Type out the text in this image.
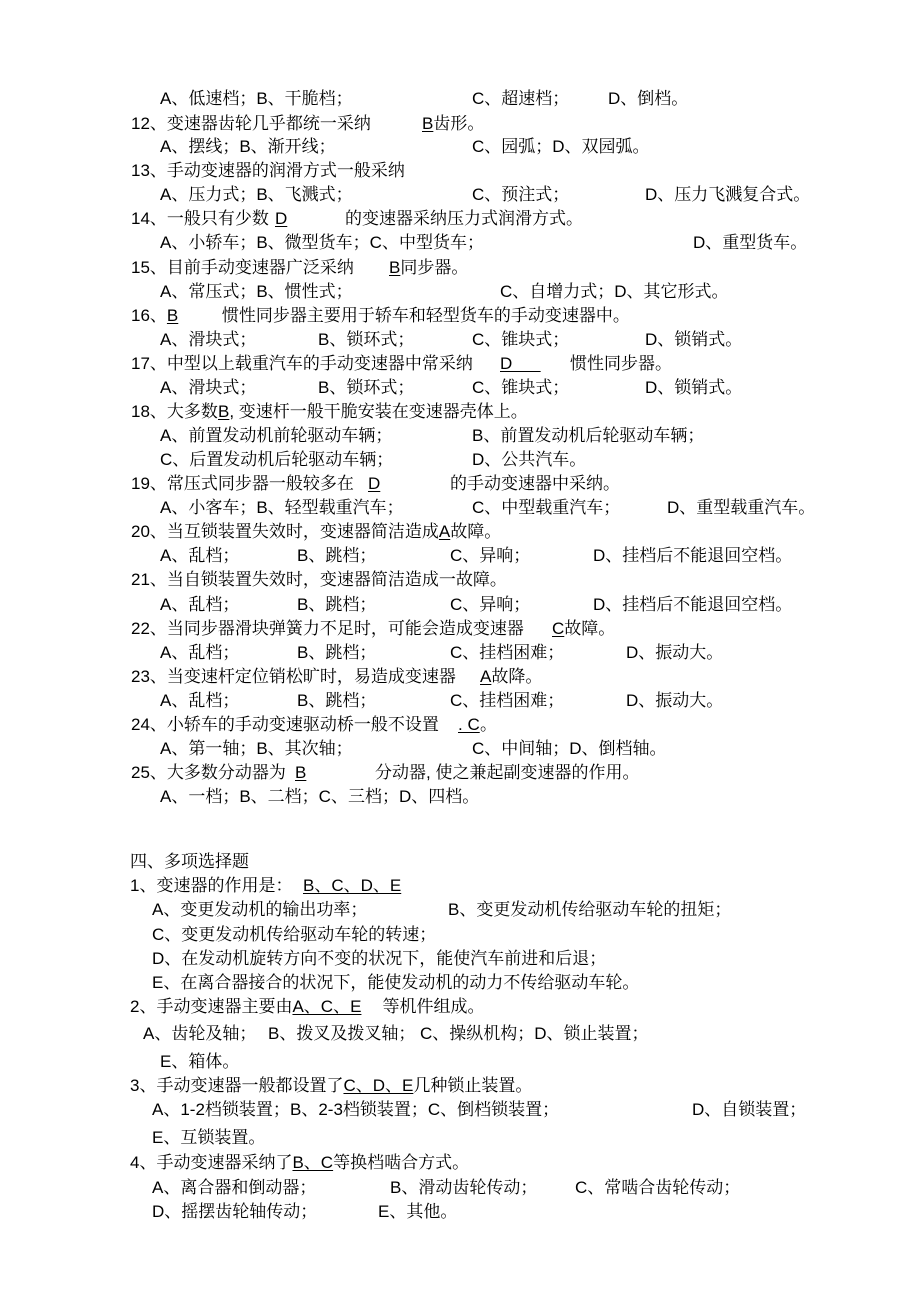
A、低速档；B、干脆档；	C、超速档；	D、倒档。
12、变速器齿轮几乎都统一采纳	B 齿形。
A、摆线；B、渐开线；	C、园弧；D、双园弧。
13、手动变速器的润滑方式一般采纳
A、压力式；B、飞溅式；	C、预注式；	D、压力飞溅复合式。
14、一般只有少数 D	的变速器采纳压力式润滑方式。
A、小轿车；B、微型货车；C、中型货车；	D、重型货车。
15、目前手动变速器广泛采纳	B 同步器。
A、常压式；B、惯性式；	C、自增力式；D、其它形式。
16、 B	惯性同步器主要用于轿车和轻型货车的手动变速器中。
A、滑块式；	B、锁环式；	C、锥块式；	D、锁销式。
17、中型以上载重汽车的手动变速器中常采纳	D	惯性同步器。
A、滑块式；	B、锁环式；	C、锥块式；	D、锁销式。
18、大多数 B , 变速杆一般干脆安装在变速器壳体上。
A、前置发动机前轮驱动车辆；	B、前置发动机后轮驱动车辆；
C、后置发动机后轮驱动车辆；	D、公共汽车。
19、常压式同步器一般较多在 D	的手动变速器中采纳。
A、小客车；B、轻型载重汽车；	C、中型载重汽车；	D、重型载重汽车。
20、当互锁装置失效时，变速器简洁造成 A 故障。
A、乱档；	B、跳档；	C、异响；	D、挂档后不能退回空档。
21、当自锁装置失效时，变速器简洁造成一故障。
A、乱档；	B、跳档；	C、异响；	D、挂档后不能退回空档。
22、当同步器滑块弹簧力不足时，可能会造成变速器	C 故障。
A、乱档；	B、跳档；	C、挂档困难；	D、振动大。
23、当变速杆定位销松旷时，易造成变速器	A 故降。
A、乱档；	B、跳档；	C、挂档困难；	D、振动大。
24、小轿车的手动变速驱动桥一般不设置	. C 。
A、第一轴；B、其次轴；	C、中间轴；D、倒档轴。
25、大多数分动器为 B	分动器, 使之兼起副变速器的作用。
A、一档；B、二档；C、三档；D、四档。
四、多项选择题
1、变速器的作用是： B、C、D、E
A、变更发动机的输出功率；	B、变更发动机传给驱动车轮的扭矩；
C、变更发动机传给驱动车轮的转速；
D、在发动机旋转方向不变的状况下，能使汽车前进和后退；
E、在离合器接合的状况下，能使发动机的动力不传给驱动车轮。
2、手动变速器主要由 A、C、E	等机件组成。
A、齿轮及轴； B、拨叉及拨叉轴； C、操纵机构；D、锁止装置；
E、箱体。
3、手动变速器一般都设置了 C、D、E 几种锁止装置。
A、1-2档锁装置； B、2-3档锁装置；C、倒档锁装置；	D、自锁装置；
E、互锁装置。
4、手动变速器采纳了 B、C 等换档啮合方式。
A、离合器和倒动器；	B、滑动齿轮传动；	C、常啮合齿轮传动；
D、摇摆齿轮轴传动；	E、其他。
